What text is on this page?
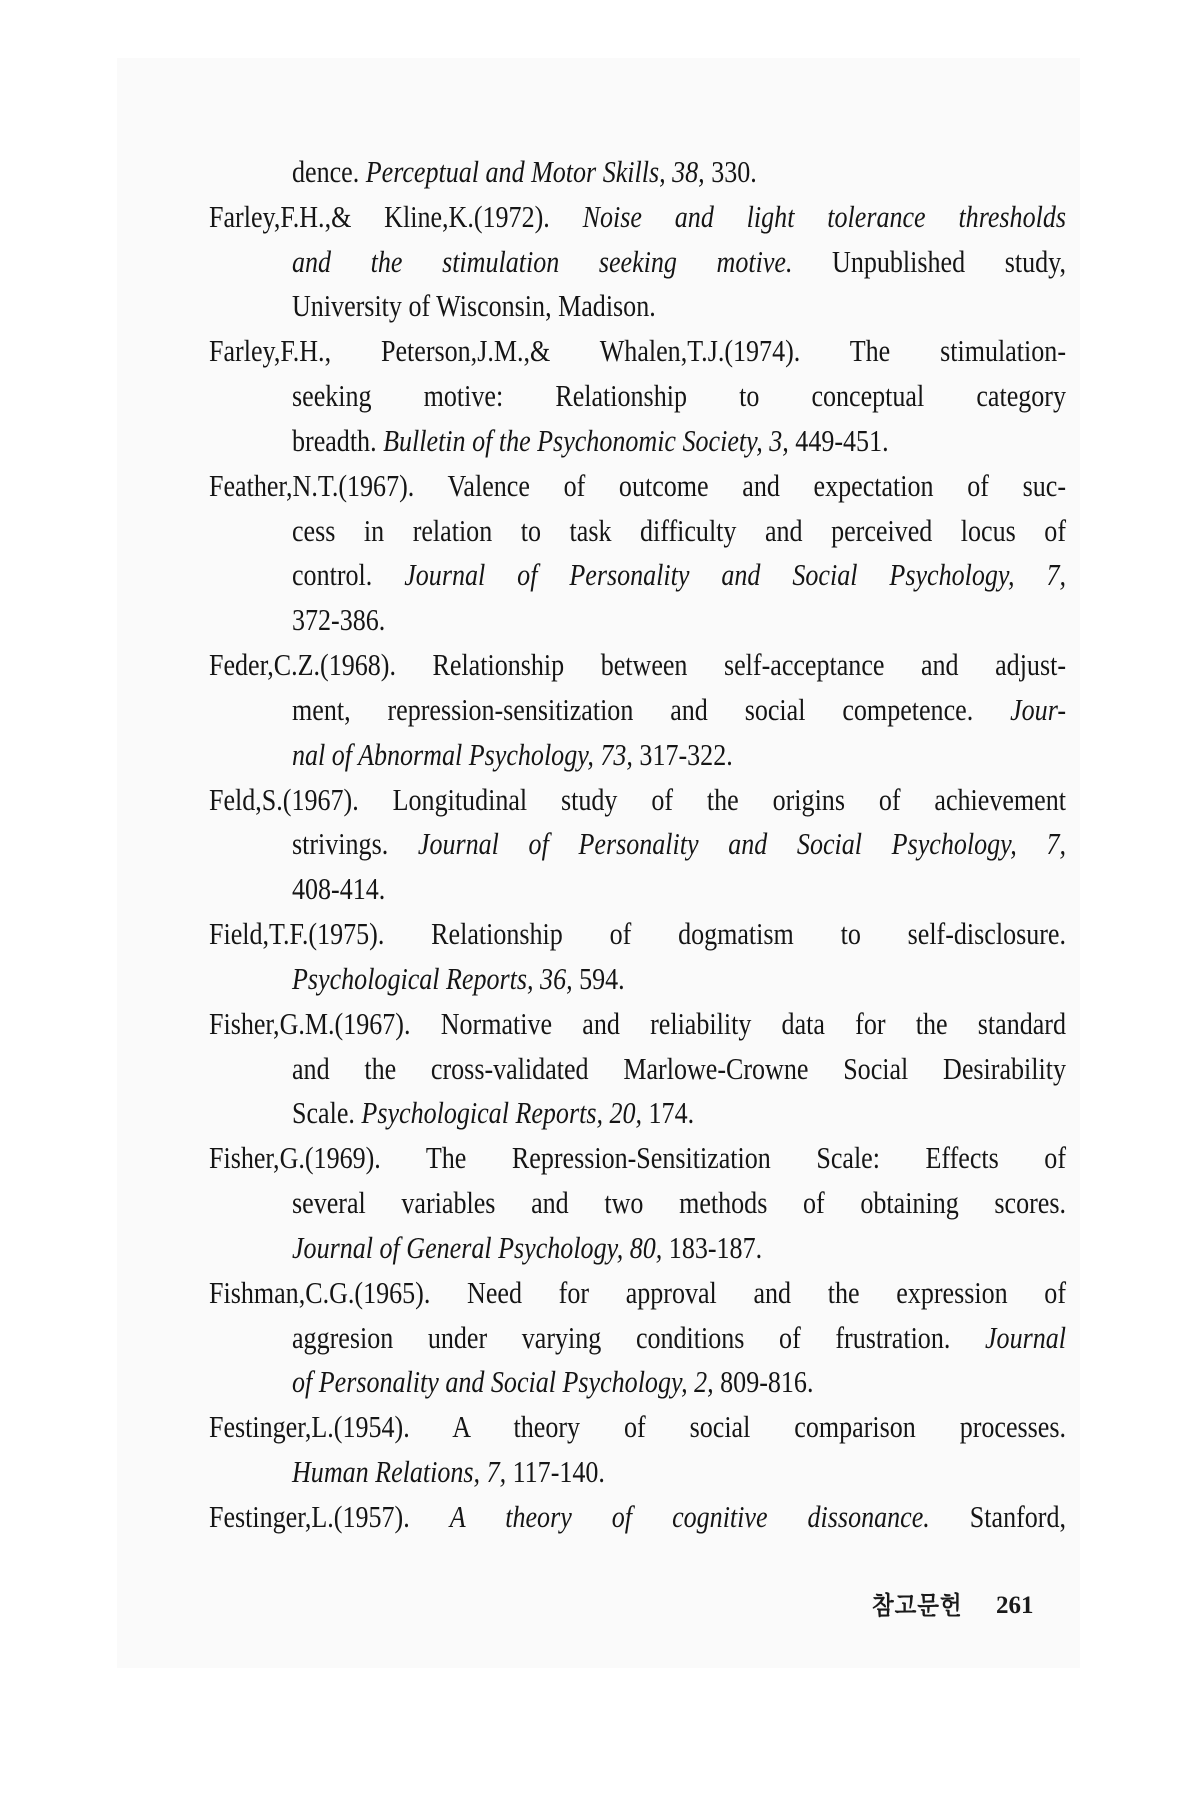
dence. Perceptual and Motor Skills, 38, 330.
Farley,F.H.,& Kline,K.(1972). Noise and light tolerance thresholds
and the stimulation seeking motive. Unpublished study,
University of Wisconsin, Madison.
Farley,F.H., Peterson,J.M.,& Whalen,T.J.(1974). The stimulation-
seeking motive: Relationship to conceptual category
breadth. Bulletin of the Psychonomic Society, 3, 449-451.
Feather,N.T.(1967). Valence of outcome and expectation of suc-
cess in relation to task difficulty and perceived locus of
control. Journal of Personality and Social Psychology, 7,
372-386.
Feder,C.Z.(1968). Relationship between self-acceptance and adjust-
ment, repression-sensitization and social competence. Jour-
nal of Abnormal Psychology, 73, 317-322.
Feld,S.(1967). Longitudinal study of the origins of achievement
strivings. Journal of Personality and Social Psychology, 7,
408-414.
Field,T.F.(1975). Relationship of dogmatism to self-disclosure.
Psychological Reports, 36, 594.
Fisher,G.M.(1967). Normative and reliability data for the standard
and the cross-validated Marlowe-Crowne Social Desirability
Scale. Psychological Reports, 20, 174.
Fisher,G.(1969). The Repression-Sensitization Scale: Effects of
several variables and two methods of obtaining scores.
Journal of General Psychology, 80, 183-187.
Fishman,C.G.(1965). Need for approval and the expression of
aggresion under varying conditions of frustration. Journal
of Personality and Social Psychology, 2, 809-816.
Festinger,L.(1954). A theory of social comparison processes.
Human Relations, 7, 117-140.
Festinger,L.(1957). A theory of cognitive dissonance. Stanford,
참고문헌 261
